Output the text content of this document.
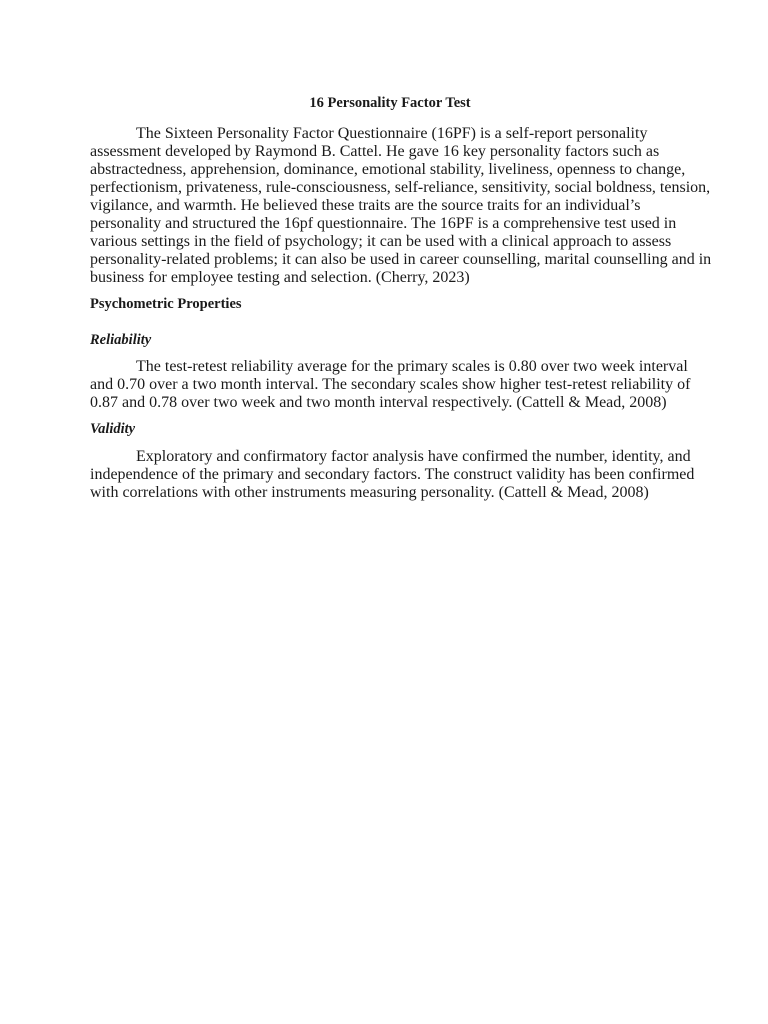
16 Personality Factor Test
The Sixteen Personality Factor Questionnaire (16PF) is a self-report personality
assessment developed by Raymond B. Cattel. He gave 16 key personality factors such as
abstractedness, apprehension, dominance, emotional stability, liveliness, openness to change,
perfectionism, privateness, rule-consciousness, self-reliance, sensitivity, social boldness, tension,
vigilance, and warmth. He believed these traits are the source traits for an individual’s
personality and structured the 16pf questionnaire. The 16PF is a comprehensive test used in
various settings in the field of psychology; it can be used with a clinical approach to assess
personality-related problems; it can also be used in career counselling, marital counselling and in
business for employee testing and selection. (Cherry, 2023)
Psychometric Properties
Reliability
The test-retest reliability average for the primary scales is 0.80 over two week interval
and 0.70 over a two month interval. The secondary scales show higher test-retest reliability of
0.87 and 0.78 over two week and two month interval respectively. (Cattell & Mead, 2008)
Validity
Exploratory and confirmatory factor analysis have confirmed the number, identity, and
independence of the primary and secondary factors. The construct validity has been confirmed
with correlations with other instruments measuring personality. (Cattell & Mead, 2008)
